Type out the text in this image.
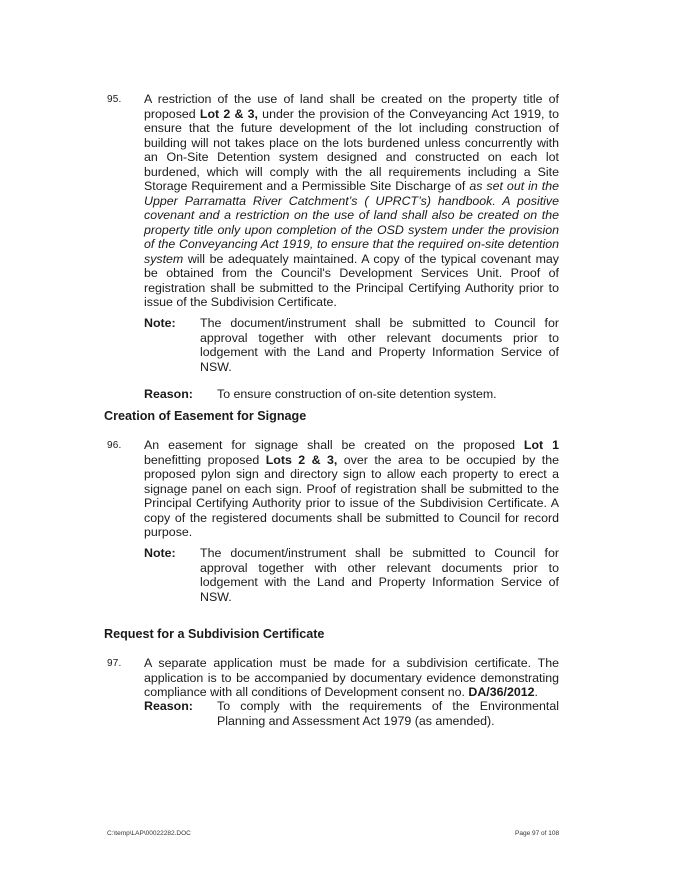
95. A restriction of the use of land shall be created on the property title of proposed Lot 2 & 3, under the provision of the Conveyancing Act 1919, to ensure that the future development of the lot including construction of building will not takes place on the lots burdened unless concurrently with an On-Site Detention system designed and constructed on each lot burdened, which will comply with the all requirements including a Site Storage Requirement and a Permissible Site Discharge of as set out in the Upper Parramatta River Catchment’s ( UPRCT’s) handbook. A positive covenant and a restriction on the use of land shall also be created on the property title only upon completion of the OSD system under the provision of the Conveyancing Act 1919, to ensure that the required on-site detention system will be adequately maintained. A copy of the typical covenant may be obtained from the Council's Development Services Unit. Proof of registration shall be submitted to the Principal Certifying Authority prior to issue of the Subdivision Certificate.
Note: The document/instrument shall be submitted to Council for approval together with other relevant documents prior to lodgement with the Land and Property Information Service of NSW.
Reason: To ensure construction of on-site detention system.
Creation of Easement for Signage
96. An easement for signage shall be created on the proposed Lot 1 benefitting proposed Lots 2 & 3, over the area to be occupied by the proposed pylon sign and directory sign to allow each property to erect a signage panel on each sign. Proof of registration shall be submitted to the Principal Certifying Authority prior to issue of the Subdivision Certificate. A copy of the registered documents shall be submitted to Council for record purpose.
Note: The document/instrument shall be submitted to Council for approval together with other relevant documents prior to lodgement with the Land and Property Information Service of NSW.
Request for a Subdivision Certificate
97. A separate application must be made for a subdivision certificate. The application is to be accompanied by documentary evidence demonstrating compliance with all conditions of Development consent no. DA/36/2012.
Reason: To comply with the requirements of the Environmental Planning and Assessment Act 1979 (as amended).
C:\temp\LAP\00022282.DOC	Page 97 of 108
